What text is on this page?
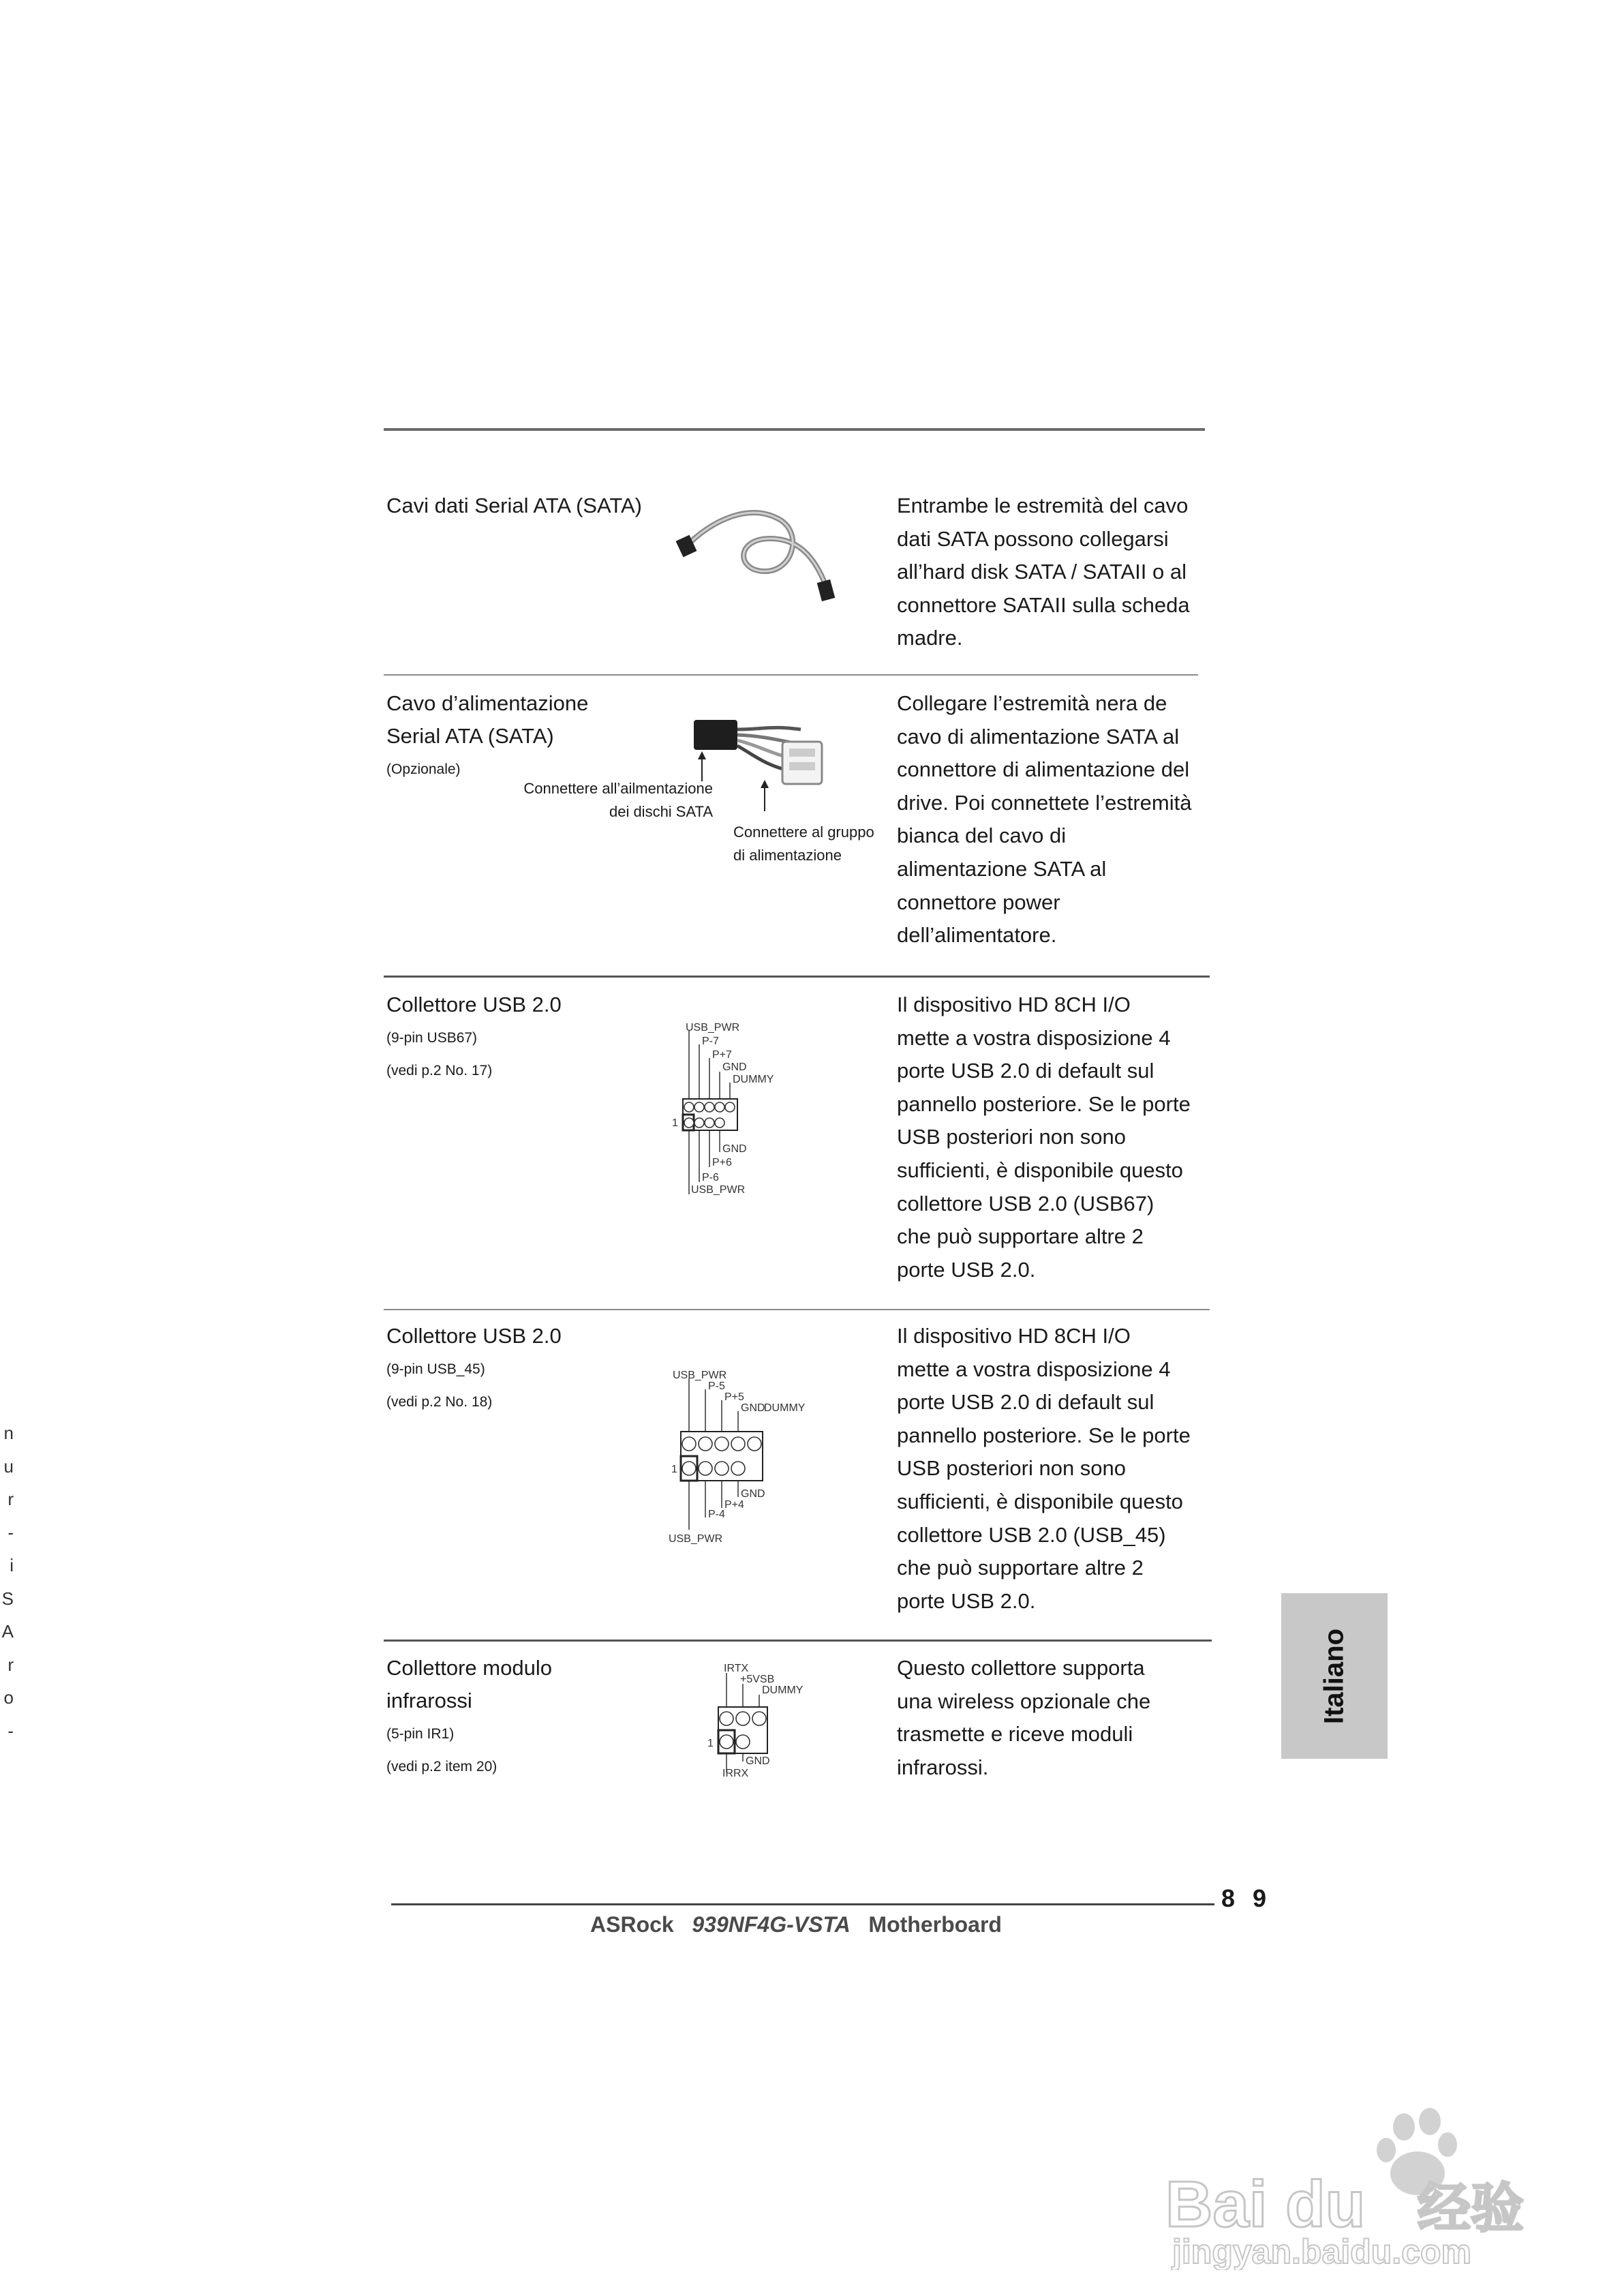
Cavi dati Serial ATA (SATA)	Entrambe le estremità del cavo
dati SATA possono collegarsi
all’hard disk SATA / SATAII o al
connettore SATAII sulla scheda
madre.
Cavo d’alimentazione
Serial ATA (SATA)
(Opzionale)
Connettere all’ailmentazione
dei dischi SATA
Connettere al gruppo
di alimentazione
Collegare l’estremità nera de
cavo di alimentazione SATA al
connettore di alimentazione del
drive. Poi connettete l’estremità
bianca del cavo di
alimentazione SATA al
connettore power
dell’alimentatore.
Collettore USB 2.0
(9-pin USB67)
(vedi p.2 No. 17)
USB_PWR
P-7
P+7
GND
DUMMY
GND
P+6
P-6
USB_PWR
1
Il dispositivo HD 8CH I/O
mette a vostra disposizione 4
porte USB 2.0 di default sul
pannello posteriore. Se le porte
USB posteriori non sono
sufficienti, è disponibile questo
collettore USB 2.0 (USB67)
che può supportare altre 2
porte USB 2.0.
Collettore USB 2.0
(9-pin USB_45)
(vedi p.2 No. 18)
USB_PWR
P-5
P+5
GND
DUMMY
GND
P+4
P-4
USB_PWR
1
Il dispositivo HD 8CH I/O
mette a vostra disposizione 4
porte USB 2.0 di default sul
pannello posteriore. Se le porte
USB posteriori non sono
sufficienti, è disponibile questo
collettore USB 2.0 (USB_45)
che può supportare altre 2
porte USB 2.0.
Collettore modulo
infrarossi
(5-pin IR1)
(vedi p.2 item 20)
IRTX
+5VSB
DUMMY
GND
IRRX
1
Questo collettore supporta
una wireless opzionale che
trasmette e riceve moduli
infrarossi.
Italiano
8 9
ASRock 939NF4G-VSTA Motherboard
n
u
r
-
i
S
A
r
o
-
Bai du 经验
jingyan.baidu.com
